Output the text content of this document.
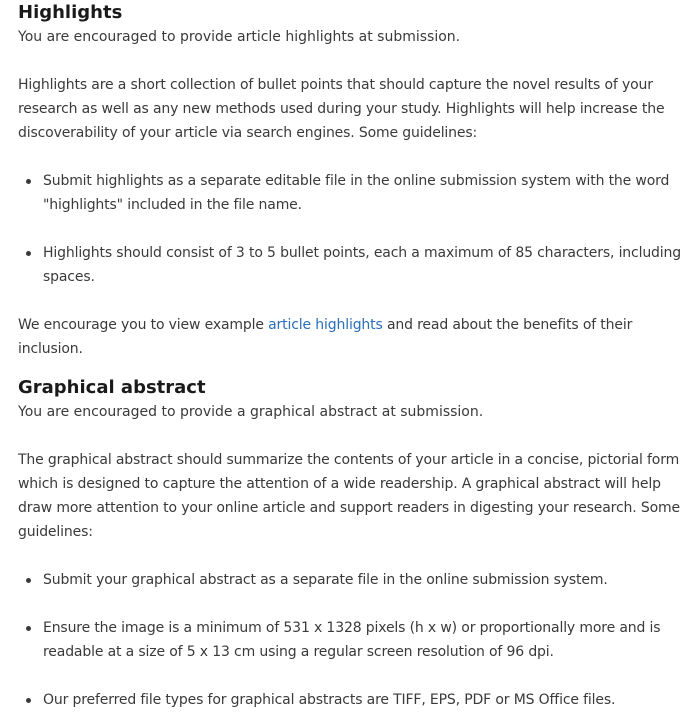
Highlights

You are encouraged to provide article highlights at submission.

Highlights are a short collection of bullet points that should capture the novel results of your research as well as any new methods used during your study. Highlights will help increase the discoverability of your article via search engines. Some guidelines:

Submit highlights as a separate editable file in the online submission system with the word "highlights" included in the file name.
Highlights should consist of 3 to 5 bullet points, each a maximum of 85 characters, including spaces.

We encourage you to view example article highlights and read about the benefits of their inclusion.

Graphical abstract

You are encouraged to provide a graphical abstract at submission.

The graphical abstract should summarize the contents of your article in a concise, pictorial form which is designed to capture the attention of a wide readership. A graphical abstract will help draw more attention to your online article and support readers in digesting your research. Some guidelines:

Submit your graphical abstract as a separate file in the online submission system.
Ensure the image is a minimum of 531 x 1328 pixels (h x w) or proportionally more and is readable at a size of 5 x 13 cm using a regular screen resolution of 96 dpi.
Our preferred file types for graphical abstracts are TIFF, EPS, PDF or MS Office files.
